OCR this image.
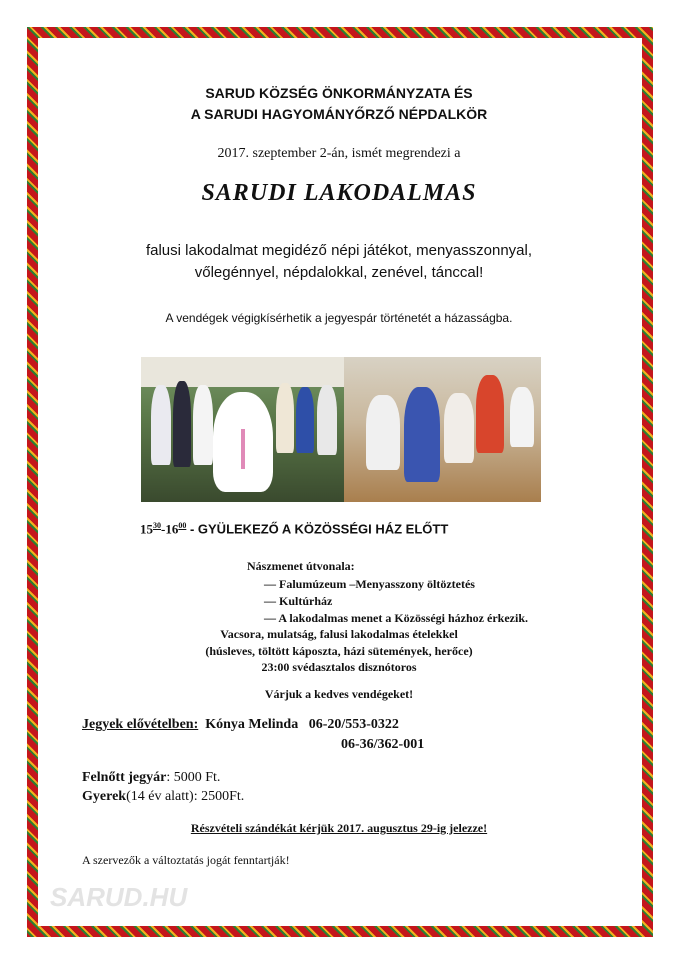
SARUD KÖZSÉG ÖNKORMÁNYZATA ÉS
A SARUDI HAGYOMÁNYŐRZŐ NÉPDALKÖR
2017. szeptember 2-án, ismét megrendezi a
SARUDI LAKODALMAS
falusi lakodalmat megidéző népi játékot, menyasszonnyal,
vőlegénnyel, népdalokkal, zenével, tánccal!
A vendégek végigkísérhetik a jegyespár történetét a házasságba.
$15^{30}-16^{00}$ - GYÜLEKEZŐ A KÖZÖSSÉGI HÁZ ELŐTT
Nászmenet útvonala:
— Falumúzeum –Menyasszony öltöztetés
— Kultúrház
— A lakodalmas menet a Közösségi házhoz érkezik.
Vacsora, mulatság, falusi lakodalmas ételekkel
(húsleves, töltött káposzta, házi sütemények, herőce)
23:00 svédasztalos disznótoros
Várjuk a kedves vendégeket!
Jegyek elővételben:  Kónya Melinda   06-20/553-0322
06-36/362-001
Felnőtt jegyár: 5000 Ft.
Gyerek(14 év alatt): 2500Ft.
Részvételi szándékát kérjük 2017. augusztus 29-ig jelezze!
A szervezők a változtatás jogát fenntartják!
SARUD.HU
